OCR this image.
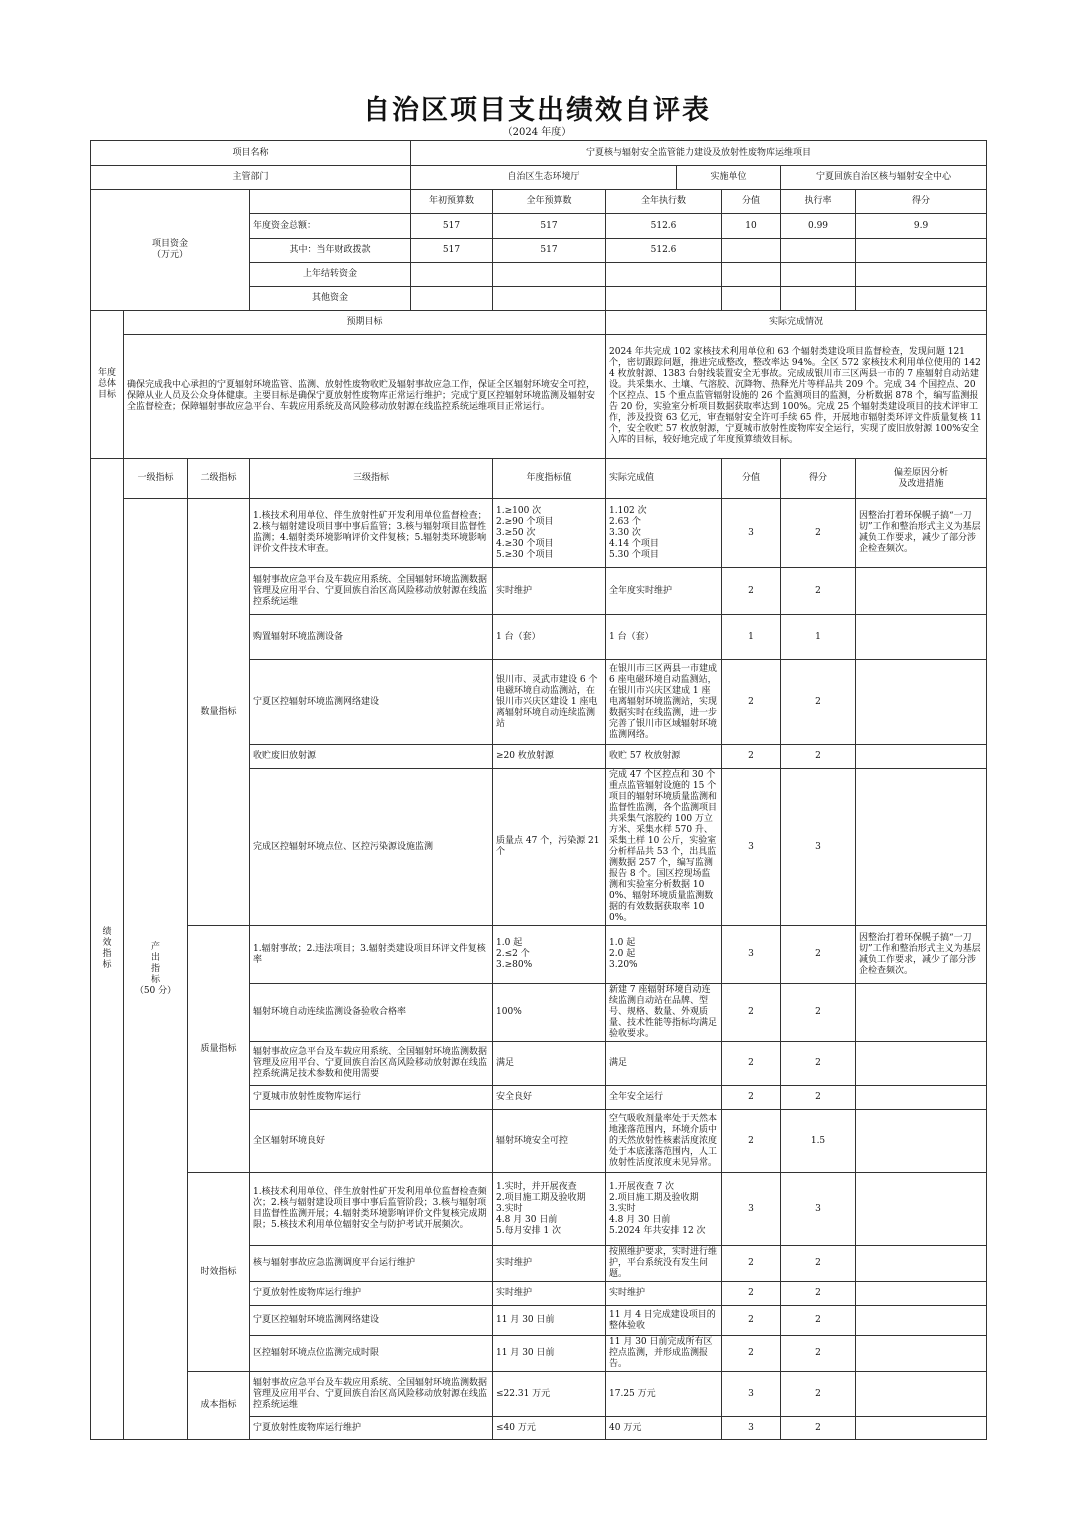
自治区项目支出绩效自评表
（2024 年度）
项目名称				宁夏核与辐射安全监管能力建设及放射性废物库运维项目						
主管部门				自治区生态环境厅			实施单位		宁夏回族自治区核与辐射安全中心	
项目资金
（万元）				年初预算数	全年预算数	全年执行数		分值	执行率	得分
			年度资金总额：	517	517	512.6		10	0.99	9.9
			其中：当年财政拨款	517	517	512.6				
			上年结转资金							
			其他资金							
年度
总体
目标	预期目标					实际完成情况				
	确保完成我中心承担的宁夏辐射环境监管、监测、放射性废物收贮及辐射事故应急工作，保证全区辐射环境安全可控，保障从业人员及公众身体健康。主要目标是确保宁夏放射性废物库正常运行维护；完成宁夏区控辐射环境监测及辐射安全监督检查；保障辐射事故应急平台、车载应用系统及高风险移动放射源在线监控系统运维项目正常运行。					2024 年共完成 102 家核技术利用单位和 63 个辐射类建设项目监督检查，发现问题 121 个，密切跟踪问题，推进完成整改，整改率达 94%。全区 572 家核技术利用单位使用的 1424 枚放射源、1383 台射线装置安全无事故。完成成银川市三区两县一市的 7 座辐射自动站建设。共采集水、土壤、气溶胶、沉降物、热释光片等样品共 209 个。完成 34 个国控点、20 个区控点、15 个重点监管辐射设施的 26 个监测项目的监测，分析数据 878 个，编写监测报告 20 份，实验室分析项目数据获取率达到 100%。完成 25 个辐射类建设项目的技术评审工作，涉及投资 63 亿元，审查辐射安全许可手续 65 件，开展地市辐射类环评文件质量复核 11 个，安全收贮 57 枚放射源，宁夏城市放射性废物库安全运行，实现了废旧放射源 100%安全入库的目标，较好地完成了年度预算绩效目标。				
绩
效
指
标	一级指标	二级指标	三级指标		年度指标值	实际完成值		分值	得分	偏差原因分析
及改进措施
	产
出
指
标
（50 分）	数量指标	1.核技术利用单位、伴生放射性矿开发利用单位监督检查；2.核与辐射建设项目事中事后监管；3.核与辐射项目监督性监测；4.辐射类环境影响评价文件复核；5.辐射类环境影响评价文件技术审查。		1.≥100 次
2.≥90 个项目
3.≥50 次
4.≥30 个项目
5.≥30 个项目	1.102 次
2.63 个
3.30 次
4.14 个项目
5.30 个项目		3	2	因整治打着环保幌子搞“一刀切”工作和整治形式主义为基层减负工作要求，减少了部分涉企检查频次。
			辐射事故应急平台及车载应用系统、全国辐射环境监测数据管理及应用平台、宁夏回族自治区高风险移动放射源在线监控系统运维		实时维护	全年度实时维护		2	2	
			购置辐射环境监测设备		1 台（套）	1 台（套）		1	1	
			宁夏区控辐射环境监测网络建设		银川市、灵武市建设 6 个电磁环境自动监测站，在银川市兴庆区建设 1 座电离辐射环境自动连续监测站	在银川市三区两县一市建成 6 座电磁环境自动监测站，在银川市兴庆区建成 1 座电离辐射环境监测站，实现数据实时在线监测，进一步完善了银川市区域辐射环境监测网络。		2	2	
			收贮废旧放射源		≥20 枚放射源	收贮 57 枚放射源		2	2	
			完成区控辐射环境点位、区控污染源设施监测		质量点 47 个，污染源 21 个	完成 47 个区控点和 30 个重点监管辐射设施的 15 个项目的辐射环境质量监测和监督性监测，各个监测项目共采集气溶胶约 100 万立方米、采集水样 570 升、采集土样 10 公斤，实验室分析样品共 53 个，出具监测数据 257 个，编写监测报告 8 个。国区控现场监测和实验室分析数据 100%、辐射环境质量监测数据的有效数据获取率 100%。		3	3	
		质量指标	1.辐射事故；2.违法项目；3.辐射类建设项目环评文件复核率		1.0 起
2.≤2 个
3.≥80%	1.0 起
2.0 起
3.20%		3	2	因整治打着环保幌子搞“一刀切”工作和整治形式主义为基层减负工作要求，减少了部分涉企检查频次。
			辐射环境自动连续监测设备验收合格率		100%	新建 7 座辐射环境自动连续监测自动站在品牌、型号、规格、数量、外观质量、技术性能等指标均满足验收要求。		2	2	
			辐射事故应急平台及车载应用系统、全国辐射环境监测数据管理及应用平台、宁夏回族自治区高风险移动放射源在线监控系统满足技术参数和使用需要		满足	满足		2	2	
			宁夏城市放射性废物库运行		安全良好	全年安全运行		2	2	
			全区辐射环境良好		辐射环境安全可控	空气吸收剂量率处于天然本地涨落范围内，环境介质中的天然放射性核素活度浓度处于本底涨落范围内，人工放射性活度浓度未见异常。		2	1.5	
		时效指标	1.核技术利用单位、伴生放射性矿开发利用单位监督检查频次；2.核与辐射建设项目事中事后监管阶段；3.核与辐射项目监督性监测开展；4.辐射类环境影响评价文件复核完成期限；5.核技术利用单位辐射安全与防护考试开展频次。		1.实时，并开展夜查
2.项目施工期及验收期
3.实时
4.8 月 30 日前
5.每月安排 1 次	1.开展夜查 7 次
2.项目施工期及验收期
3.实时
4.8 月 30 日前
5.2024 年共安排 12 次		3	3	
			核与辐射事故应急监测调度平台运行维护		实时维护	按照维护要求，实时进行维护，平台系统没有发生问题。		2	2	
			宁夏放射性废物库运行维护		实时维护	实时维护		2	2	
			宁夏区控辐射环境监测网络建设		11 月 30 日前	11 月 4 日完成建设项目的整体验收		2	2	
			区控辐射环境点位监测完成时限		11 月 30 日前	11 月 30 日前完成所有区控点监测，并形成监测报告。		2	2	
		成本指标	辐射事故应急平台及车载应用系统、全国辐射环境监测数据管理及应用平台、宁夏回族自治区高风险移动放射源在线监控系统运维		≤22.31 万元	17.25 万元		3	2	
			宁夏放射性废物库运行维护		≤40 万元	40 万元		3	2	
